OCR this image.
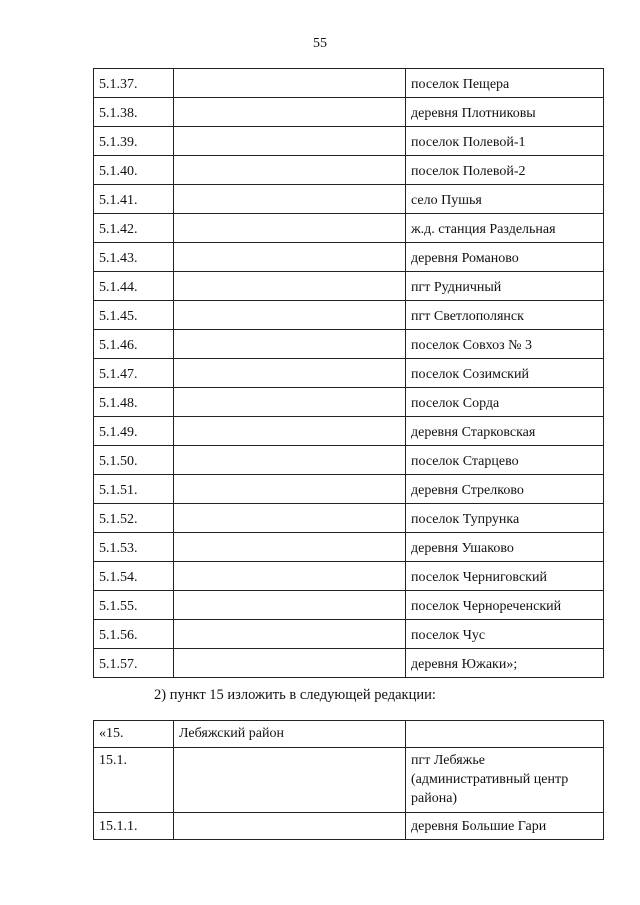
55
5.1.37.		поселок Пещера
5.1.38.		деревня Плотниковы
5.1.39.		поселок Полевой-1
5.1.40.		поселок Полевой-2
5.1.41.		село Пушья
5.1.42.		ж.д. станция Раздельная
5.1.43.		деревня Романово
5.1.44.		пгт Рудничный
5.1.45.		пгт Светлополянск
5.1.46.		поселок Совхоз № 3
5.1.47.		поселок Созимский
5.1.48.		поселок Сорда
5.1.49.		деревня Старковская
5.1.50.		поселок Старцево
5.1.51.		деревня Стрелково
5.1.52.		поселок Тупрунка
5.1.53.		деревня Ушаково
5.1.54.		поселок Черниговский
5.1.55.		поселок Чернореченский
5.1.56.		поселок Чус
5.1.57.		деревня Южаки»;
2) пункт 15 изложить в следующей редакции:
«15.	Лебяжский район	
15.1.		пгт Лебяжье (административный центр района)
15.1.1.		деревня Большие Гари
